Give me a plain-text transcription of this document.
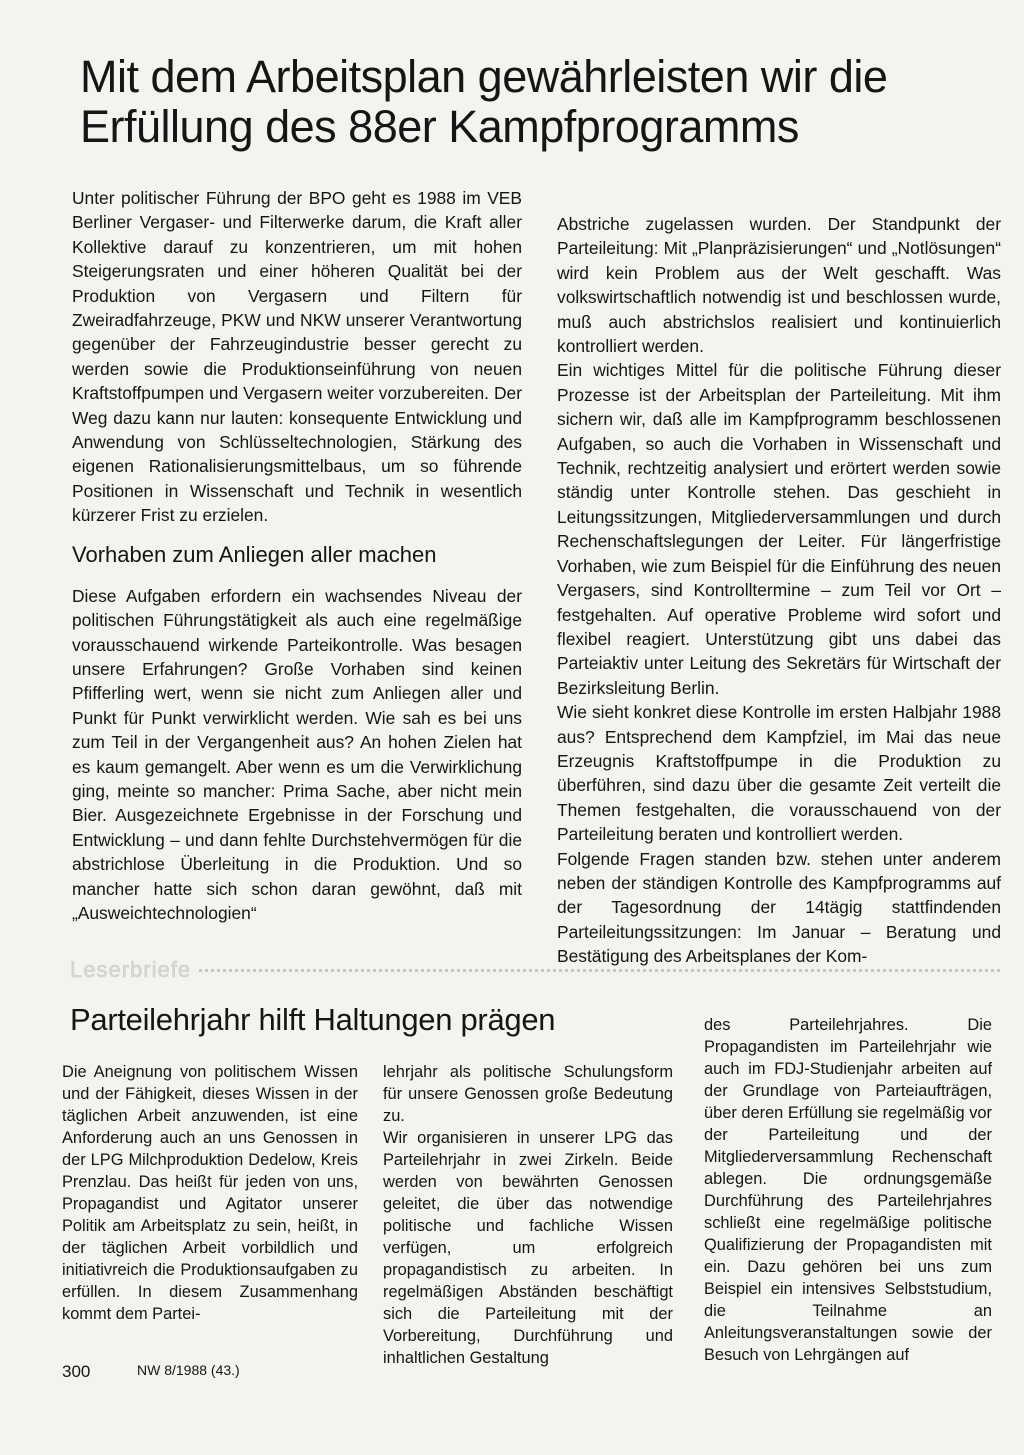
Mit dem Arbeitsplan gewährleisten wir die Erfüllung des 88er Kampfprogramms

Unter politischer Führung der BPO geht es 1988 im VEB Berliner Vergaser- und Filterwerke darum, die Kraft aller Kollektive darauf zu konzentrieren, um mit hohen Steigerungsraten und einer höheren Qualität bei der Produktion von Vergasern und Filtern für Zweiradfahrzeuge, PKW und NKW unserer Verantwortung gegenüber der Fahrzeugindustrie besser gerecht zu werden sowie die Produktionseinführung von neuen Kraftstoffpumpen und Vergasern weiter vorzubereiten. Der Weg dazu kann nur lauten: konsequente Entwicklung und Anwendung von Schlüsseltechnologien, Stärkung des eigenen Rationalisierungsmittelbaus, um so führende Positionen in Wissenschaft und Technik in wesentlich kürzerer Frist zu erzielen.

Vorhaben zum Anliegen aller machen

Diese Aufgaben erfordern ein wachsendes Niveau der politischen Führungstätigkeit als auch eine regelmäßige vorausschauend wirkende Parteikontrolle. Was besagen unsere Erfahrungen? Große Vorhaben sind keinen Pfifferling wert, wenn sie nicht zum Anliegen aller und Punkt für Punkt verwirklicht werden. Wie sah es bei uns zum Teil in der Vergangenheit aus? An hohen Zielen hat es kaum gemangelt. Aber wenn es um die Verwirklichung ging, meinte so mancher: Prima Sache, aber nicht mein Bier. Ausgezeichnete Ergebnisse in der Forschung und Entwicklung – und dann fehlte Durchstehvermögen für die abstrichlose Überleitung in die Produktion. Und so mancher hatte sich schon daran gewöhnt, daß mit „Ausweichtechnologien“

Abstriche zugelassen wurden. Der Standpunkt der Parteileitung: Mit „Planpräzisierungen“ und „Notlösungen“ wird kein Problem aus der Welt geschafft. Was volkswirtschaftlich notwendig ist und beschlossen wurde, muß auch abstrichslos realisiert und kontinuierlich kontrolliert werden.

Ein wichtiges Mittel für die politische Führung dieser Prozesse ist der Arbeitsplan der Parteileitung. Mit ihm sichern wir, daß alle im Kampfprogramm beschlossenen Aufgaben, so auch die Vorhaben in Wissenschaft und Technik, rechtzeitig analysiert und erörtert werden sowie ständig unter Kontrolle stehen. Das geschieht in Leitungssitzungen, Mitgliederversammlungen und durch Rechenschaftslegungen der Leiter. Für längerfristige Vorhaben, wie zum Beispiel für die Einführung des neuen Vergasers, sind Kontrolltermine – zum Teil vor Ort – festgehalten. Auf operative Probleme wird sofort und flexibel reagiert. Unterstützung gibt uns dabei das Parteiaktiv unter Leitung des Sekretärs für Wirtschaft der Bezirksleitung Berlin.

Wie sieht konkret diese Kontrolle im ersten Halbjahr 1988 aus? Entsprechend dem Kampfziel, im Mai das neue Erzeugnis Kraftstoffpumpe in die Produktion zu überführen, sind dazu über die gesamte Zeit verteilt die Themen festgehalten, die vorausschauend von der Parteileitung beraten und kontrolliert werden.

Folgende Fragen standen bzw. stehen unter anderem neben der ständigen Kontrolle des Kampfprogramms auf der Tagesordnung der 14tägig stattfindenden Parteileitungssitzungen: Im Januar – Beratung und Bestätigung des Arbeitsplanes der Kom-

Leserbriefe
Parteilehrjahr hilft Haltungen prägen

Die Aneignung von politischem Wissen und der Fähigkeit, dieses Wissen in der täglichen Arbeit anzuwenden, ist eine Anforderung auch an uns Genossen in der LPG Milchproduktion Dedelow, Kreis Prenzlau. Das heißt für jeden von uns, Propagandist und Agitator unserer Politik am Arbeitsplatz zu sein, heißt, in der täglichen Arbeit vorbildlich und initiativreich die Produktionsaufgaben zu erfüllen. In diesem Zusammenhang kommt dem Partei-

lehrjahr als politische Schulungsform für unsere Genossen große Bedeutung zu.

Wir organisieren in unserer LPG das Parteilehrjahr in zwei Zirkeln. Beide werden von bewährten Genossen geleitet, die über das notwendige politische und fachliche Wissen verfügen, um erfolgreich propagandistisch zu arbeiten. In regelmäßigen Abständen beschäftigt sich die Parteileitung mit der Vorbereitung, Durchführung und inhaltlichen Gestaltung

des Parteilehrjahres. Die Propagandisten im Parteilehrjahr wie auch im FDJ-Studienjahr arbeiten auf der Grundlage von Parteiaufträgen, über deren Erfüllung sie regelmäßig vor der Parteileitung und der Mitgliederversammlung Rechenschaft ablegen. Die ordnungsgemäße Durchführung des Parteilehrjahres schließt eine regelmäßige politische Qualifizierung der Propagandisten mit ein. Dazu gehören bei uns zum Beispiel ein intensives Selbststudium, die Teilnahme an Anleitungsveranstaltungen sowie der Besuch von Lehrgängen auf

300	NW 8/1988 (43.)
